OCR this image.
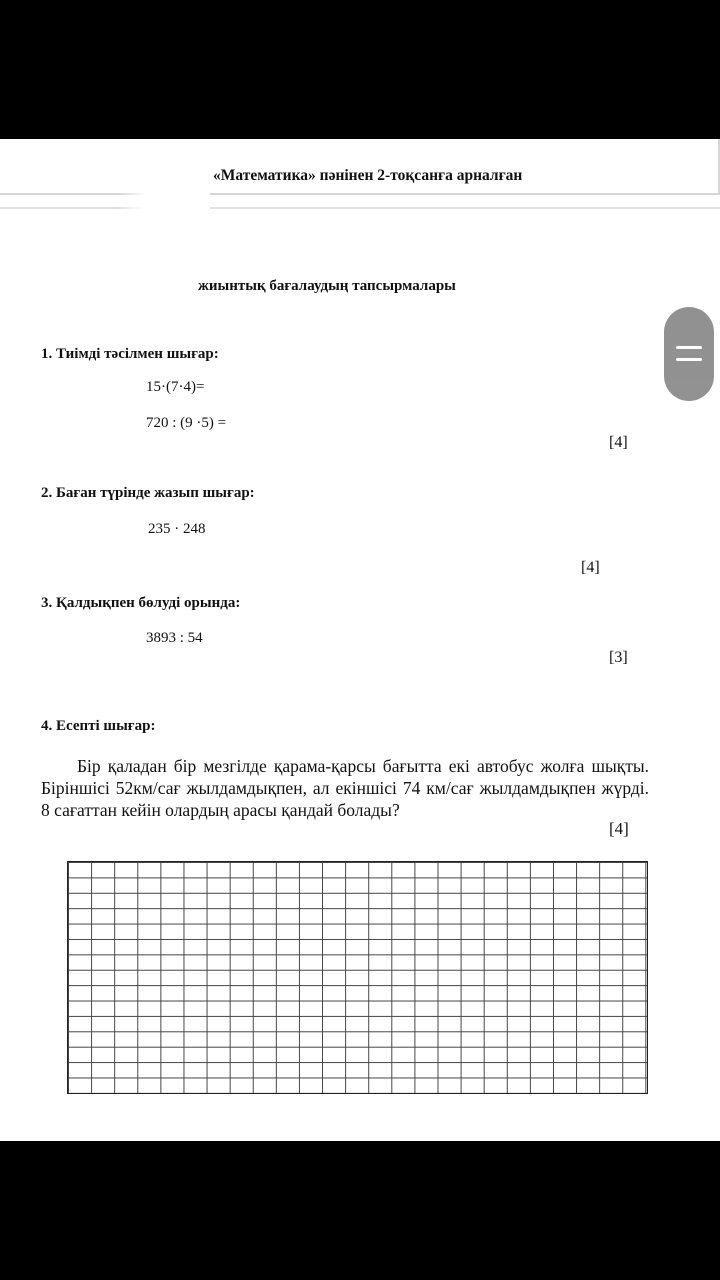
«Математика» пәнінен 2-тоқсанға арналған
жиынтық бағалаудың тапсырмалары
1. Тиімді тәсілмен шығар:
15·(7·4)=
720 : (9 ·5) =
[4]
2. Баған түрінде жазып шығар:
235 · 248
[4]
3. Қалдықпен бөлуді орында:
3893 : 54
[3]
4. Есепті шығар:
Бір қаладан бір мезгілде қарама-қарсы бағытта екі автобус жолға шықты. Біріншісі 52км/сағ жылдамдықпен, ал екіншісі 74 км/сағ жылдамдықпен жүрді. 8 сағаттан кейін олардың арасы қандай болады?
[4]
